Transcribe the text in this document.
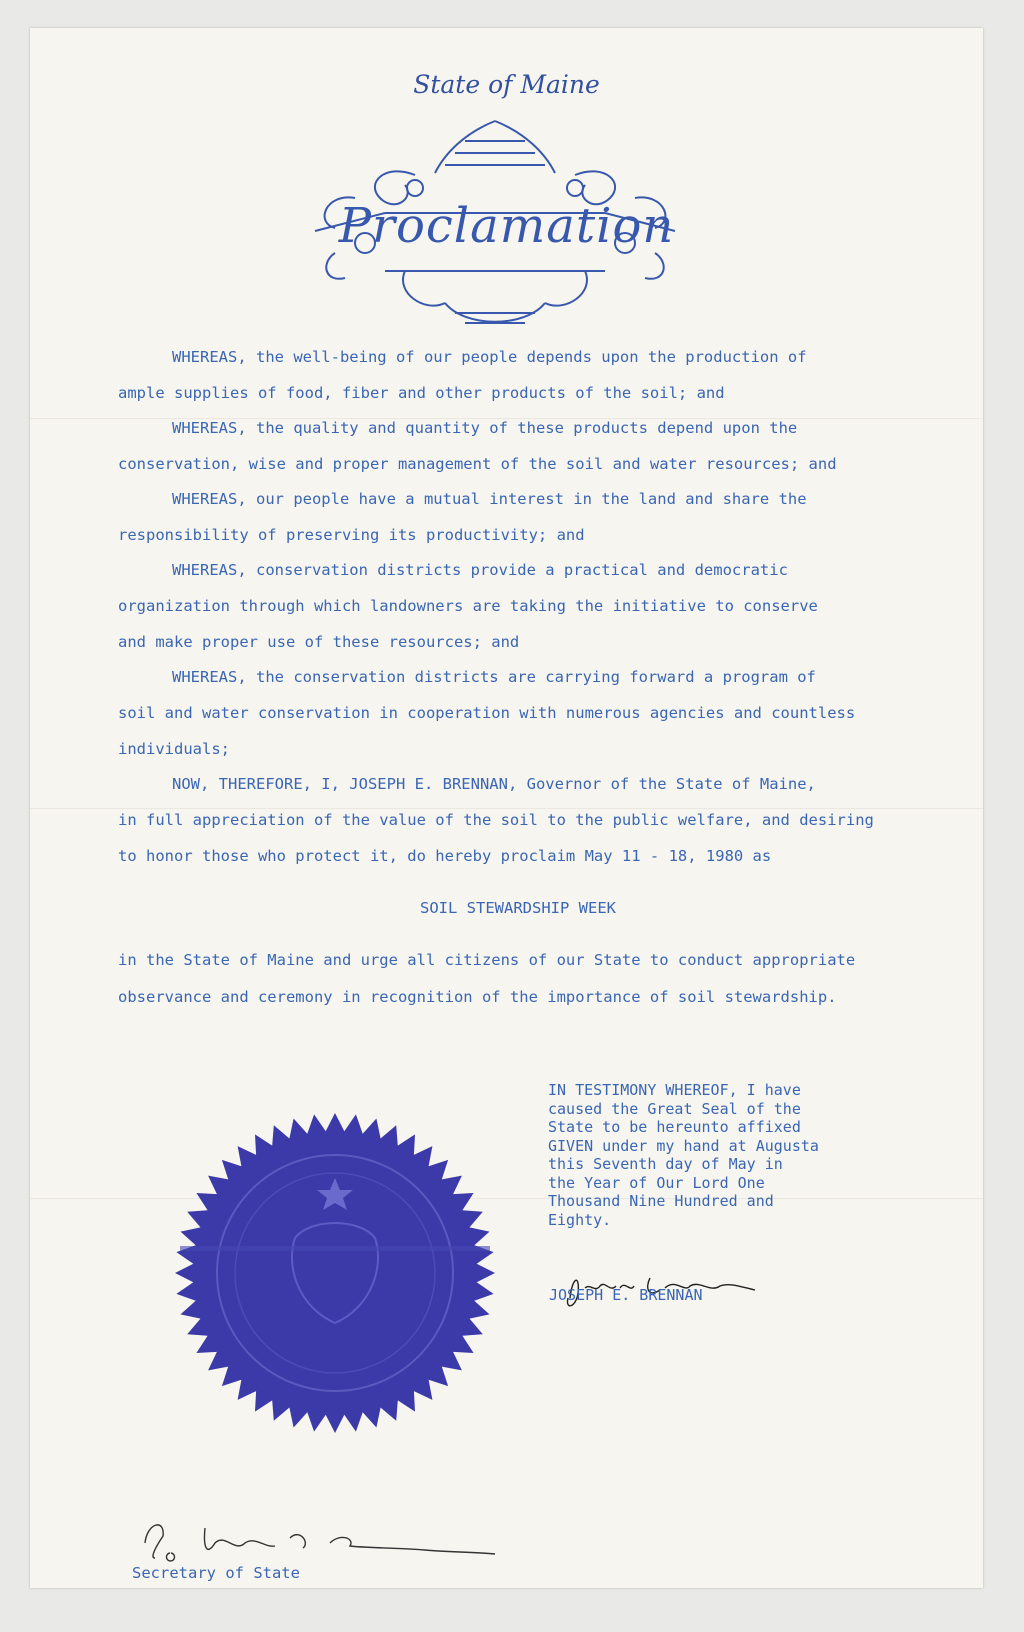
State of Maine
Proclamation
WHEREAS, the well-being of our people depends upon the production of
ample supplies of food, fiber and other products of the soil; and
WHEREAS, the quality and quantity of these products depend upon the
conservation, wise and proper management of the soil and water resources; and
WHEREAS, our people have a mutual interest in the land and share the
responsibility of preserving its productivity; and
WHEREAS, conservation districts provide a practical and democratic
organization through which landowners are taking the initiative to conserve
and make proper use of these resources; and
WHEREAS, the conservation districts are carrying forward a program of
soil and water conservation in cooperation with numerous agencies and countless
individuals;
NOW, THEREFORE, I, JOSEPH E. BRENNAN, Governor of the State of Maine,
in full appreciation of the value of the soil to the public welfare, and desiring
to honor those who protect it, do hereby proclaim May 11 - 18, 1980 as
SOIL STEWARDSHIP WEEK
in the State of Maine and urge all citizens of our State to conduct appropriate
observance and ceremony in recognition of the importance of soil stewardship.
IN TESTIMONY WHEREOF, I have
caused the Great Seal of the
State to be hereunto affixed
GIVEN under my hand at Augusta
this Seventh day of May in
the Year of Our Lord One
Thousand Nine Hundred and
Eighty.
JOSEPH E. BRENNAN
Secretary of State
